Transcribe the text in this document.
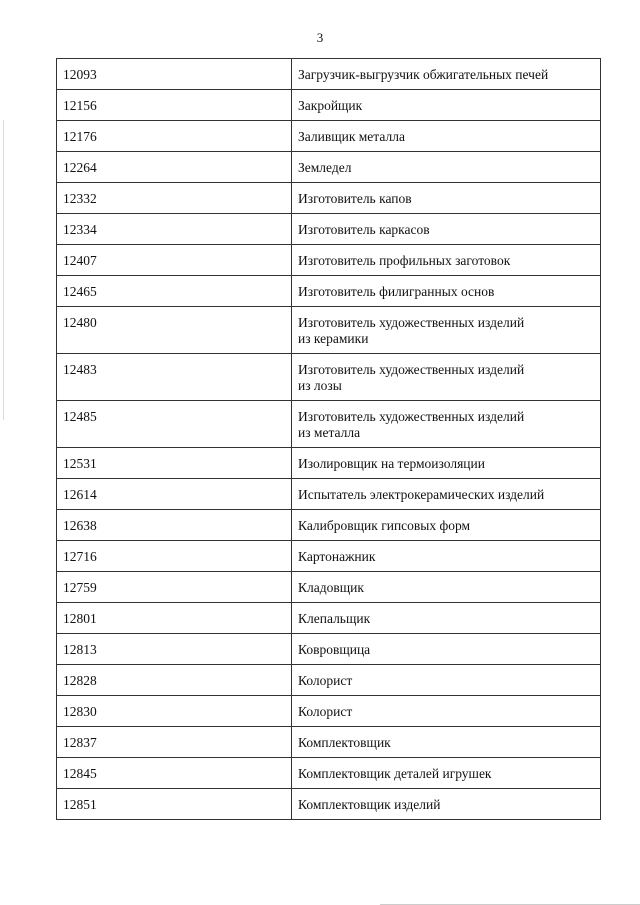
3
12093	Загрузчик-выгрузчик обжигательных печей
12156	Закройщик
12176	Заливщик металла
12264	Земледел
12332	Изготовитель капов
12334	Изготовитель каркасов
12407	Изготовитель профильных заготовок
12465	Изготовитель филигранных основ
12480	Изготовитель художественных изделий
из керамики
12483	Изготовитель художественных изделий
из лозы
12485	Изготовитель художественных изделий
из металла
12531	Изолировщик на термоизоляции
12614	Испытатель электрокерамических изделий
12638	Калибровщик гипсовых форм
12716	Картонажник
12759	Кладовщик
12801	Клепальщик
12813	Ковровщица
12828	Колорист
12830	Колорист
12837	Комплектовщик
12845	Комплектовщик деталей игрушек
12851	Комплектовщик изделий
